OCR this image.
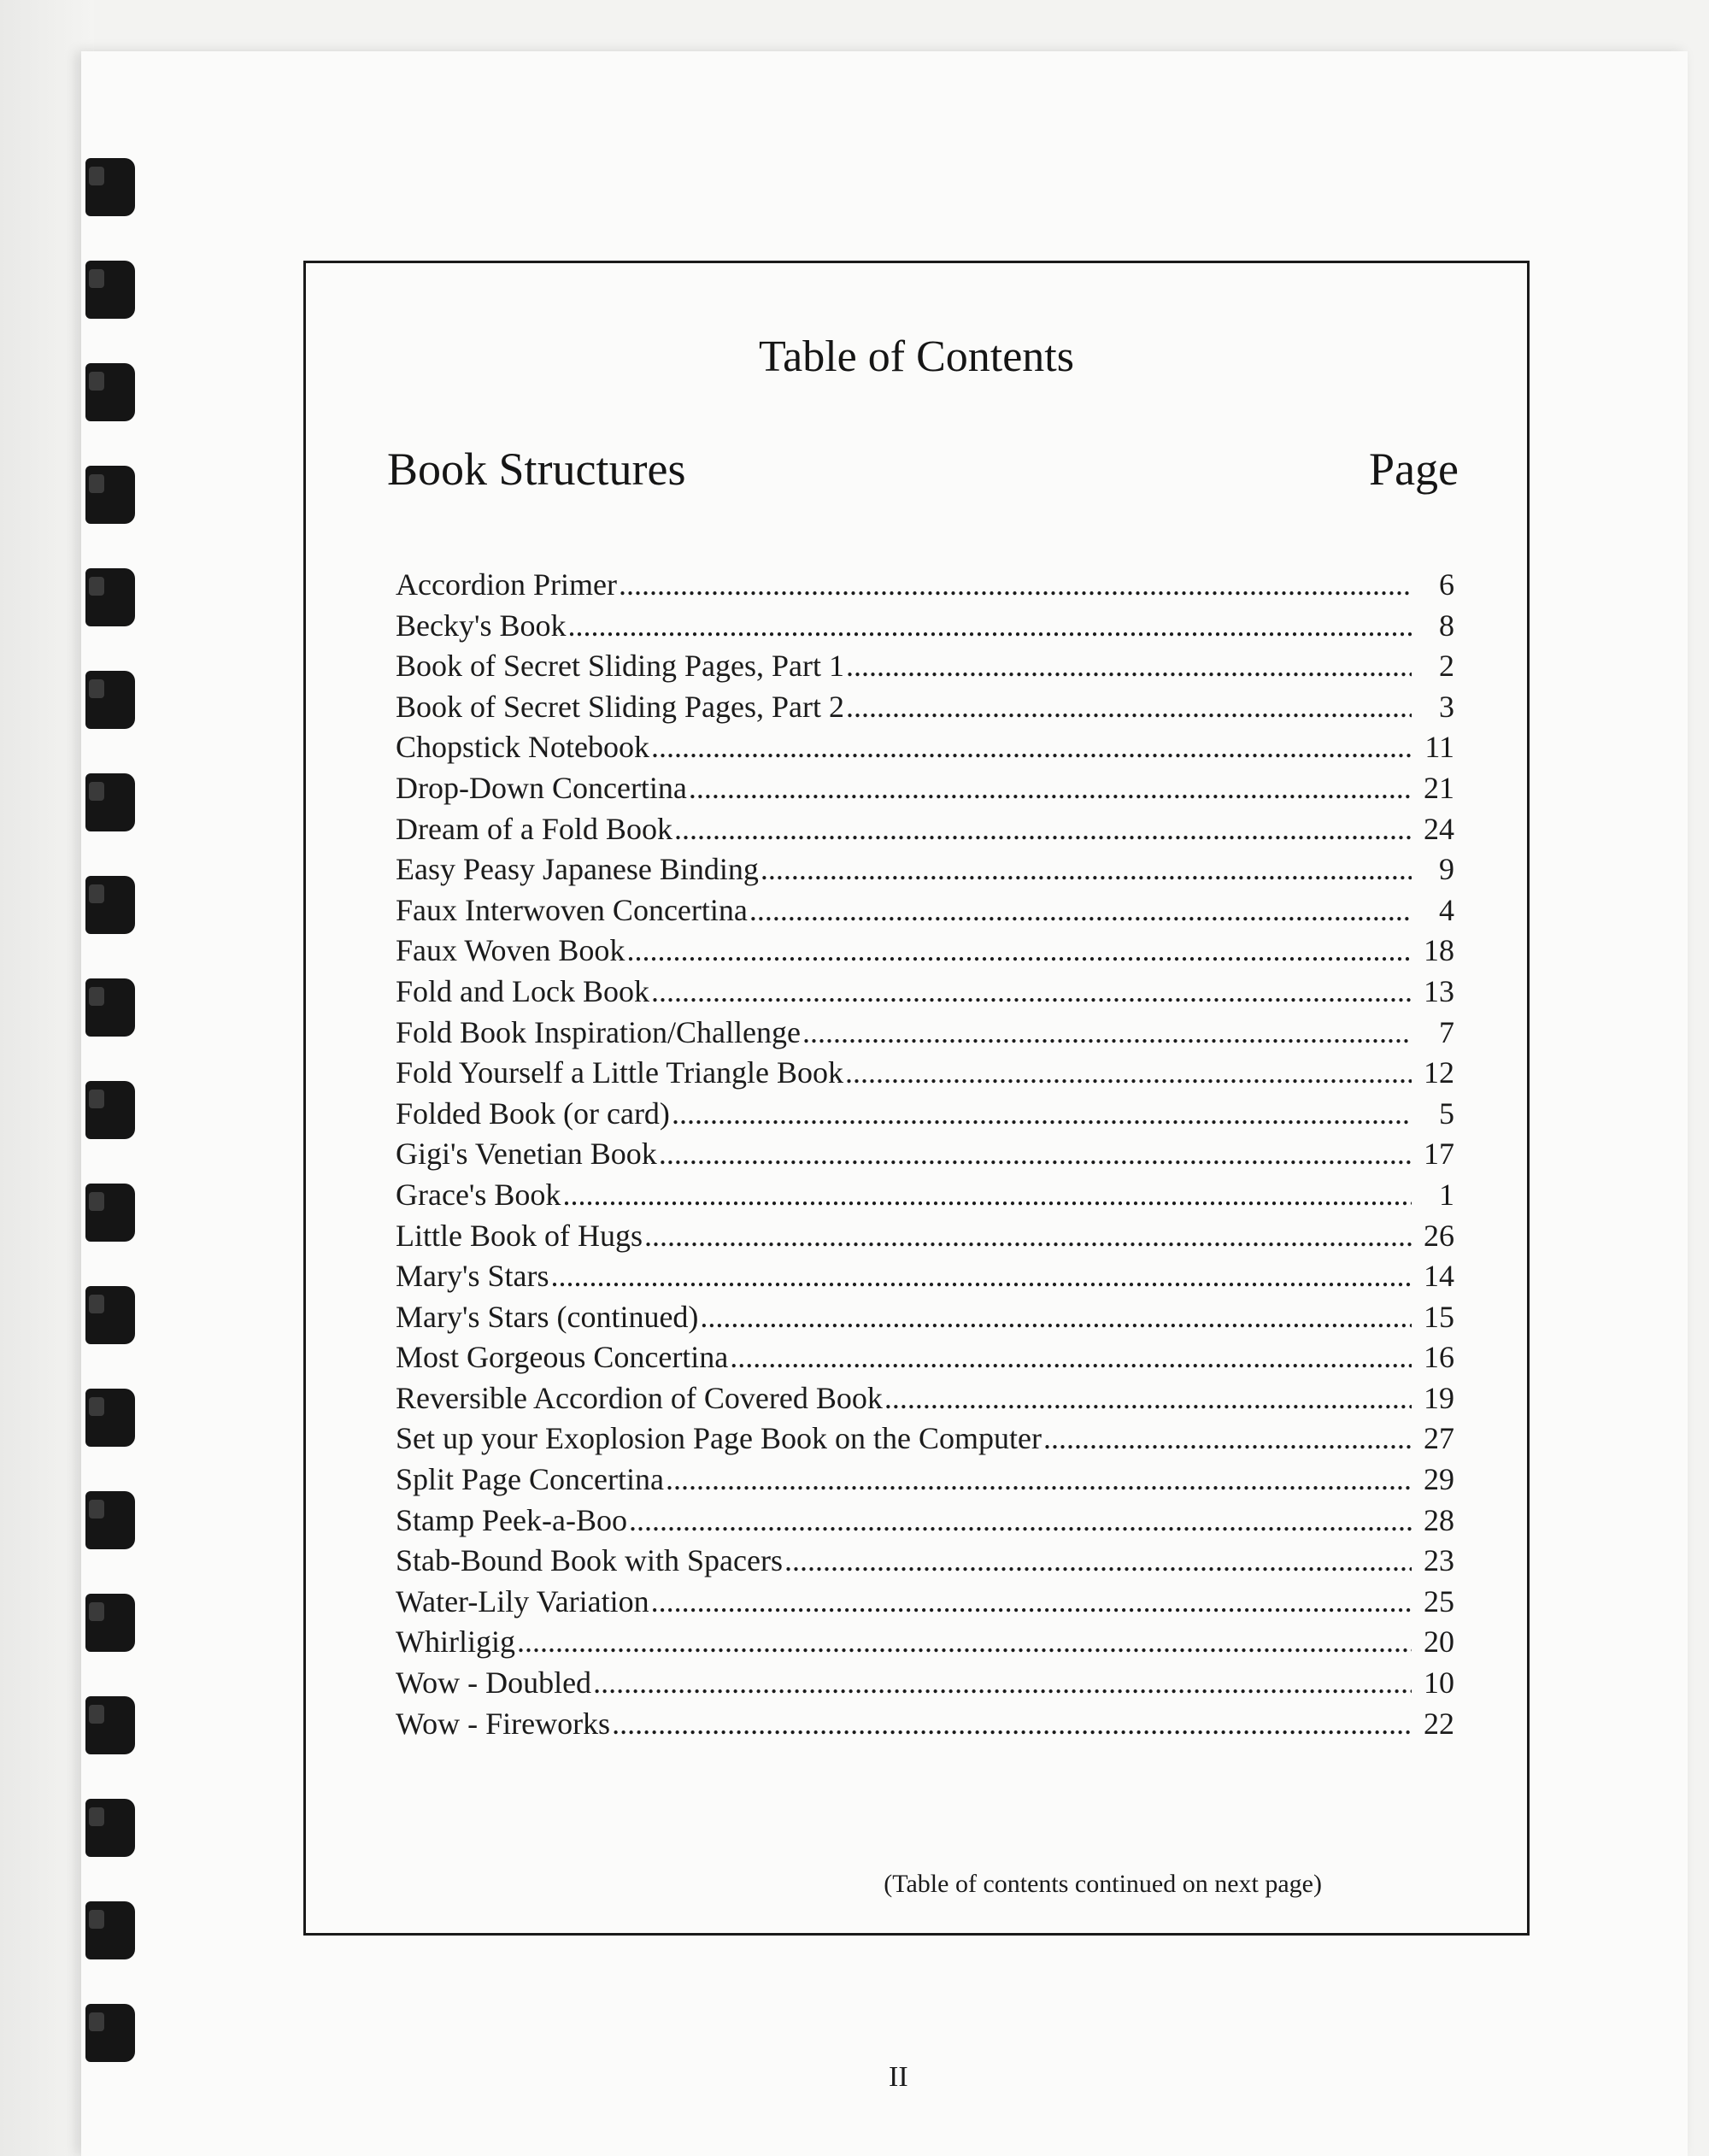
Table of Contents
Book Structures	Page
Accordion Primer .....	6
Becky's Book .....	8
Book of Secret Sliding Pages, Part 1 .....	2
Book of Secret Sliding Pages, Part 2 .....	3
Chopstick Notebook .....	11
Drop-Down Concertina .....	21
Dream of a Fold Book .....	24
Easy Peasy Japanese Binding .....	9
Faux Interwoven Concertina .....	4
Faux Woven Book .....	18
Fold and Lock Book .....	13
Fold Book Inspiration/Challenge .....	7
Fold Yourself a Little Triangle Book .....	12
Folded Book (or card) .....	5
Gigi's Venetian Book .....	17
Grace's Book .....	1
Little Book of Hugs .....	26
Mary's Stars .....	14
Mary's Stars (continued) .....	15
Most Gorgeous Concertina .....	16
Reversible Accordion of Covered Book .....	19
Set up your Exoplosion Page Book on the Computer .....	27
Split Page Concertina .....	29
Stamp Peek-a-Boo .....	28
Stab-Bound Book with Spacers .....	23
Water-Lily Variation .....	25
Whirligig .....	20
Wow - Doubled .....	10
Wow - Fireworks .....	22
(Table of contents continued on next page)
II
